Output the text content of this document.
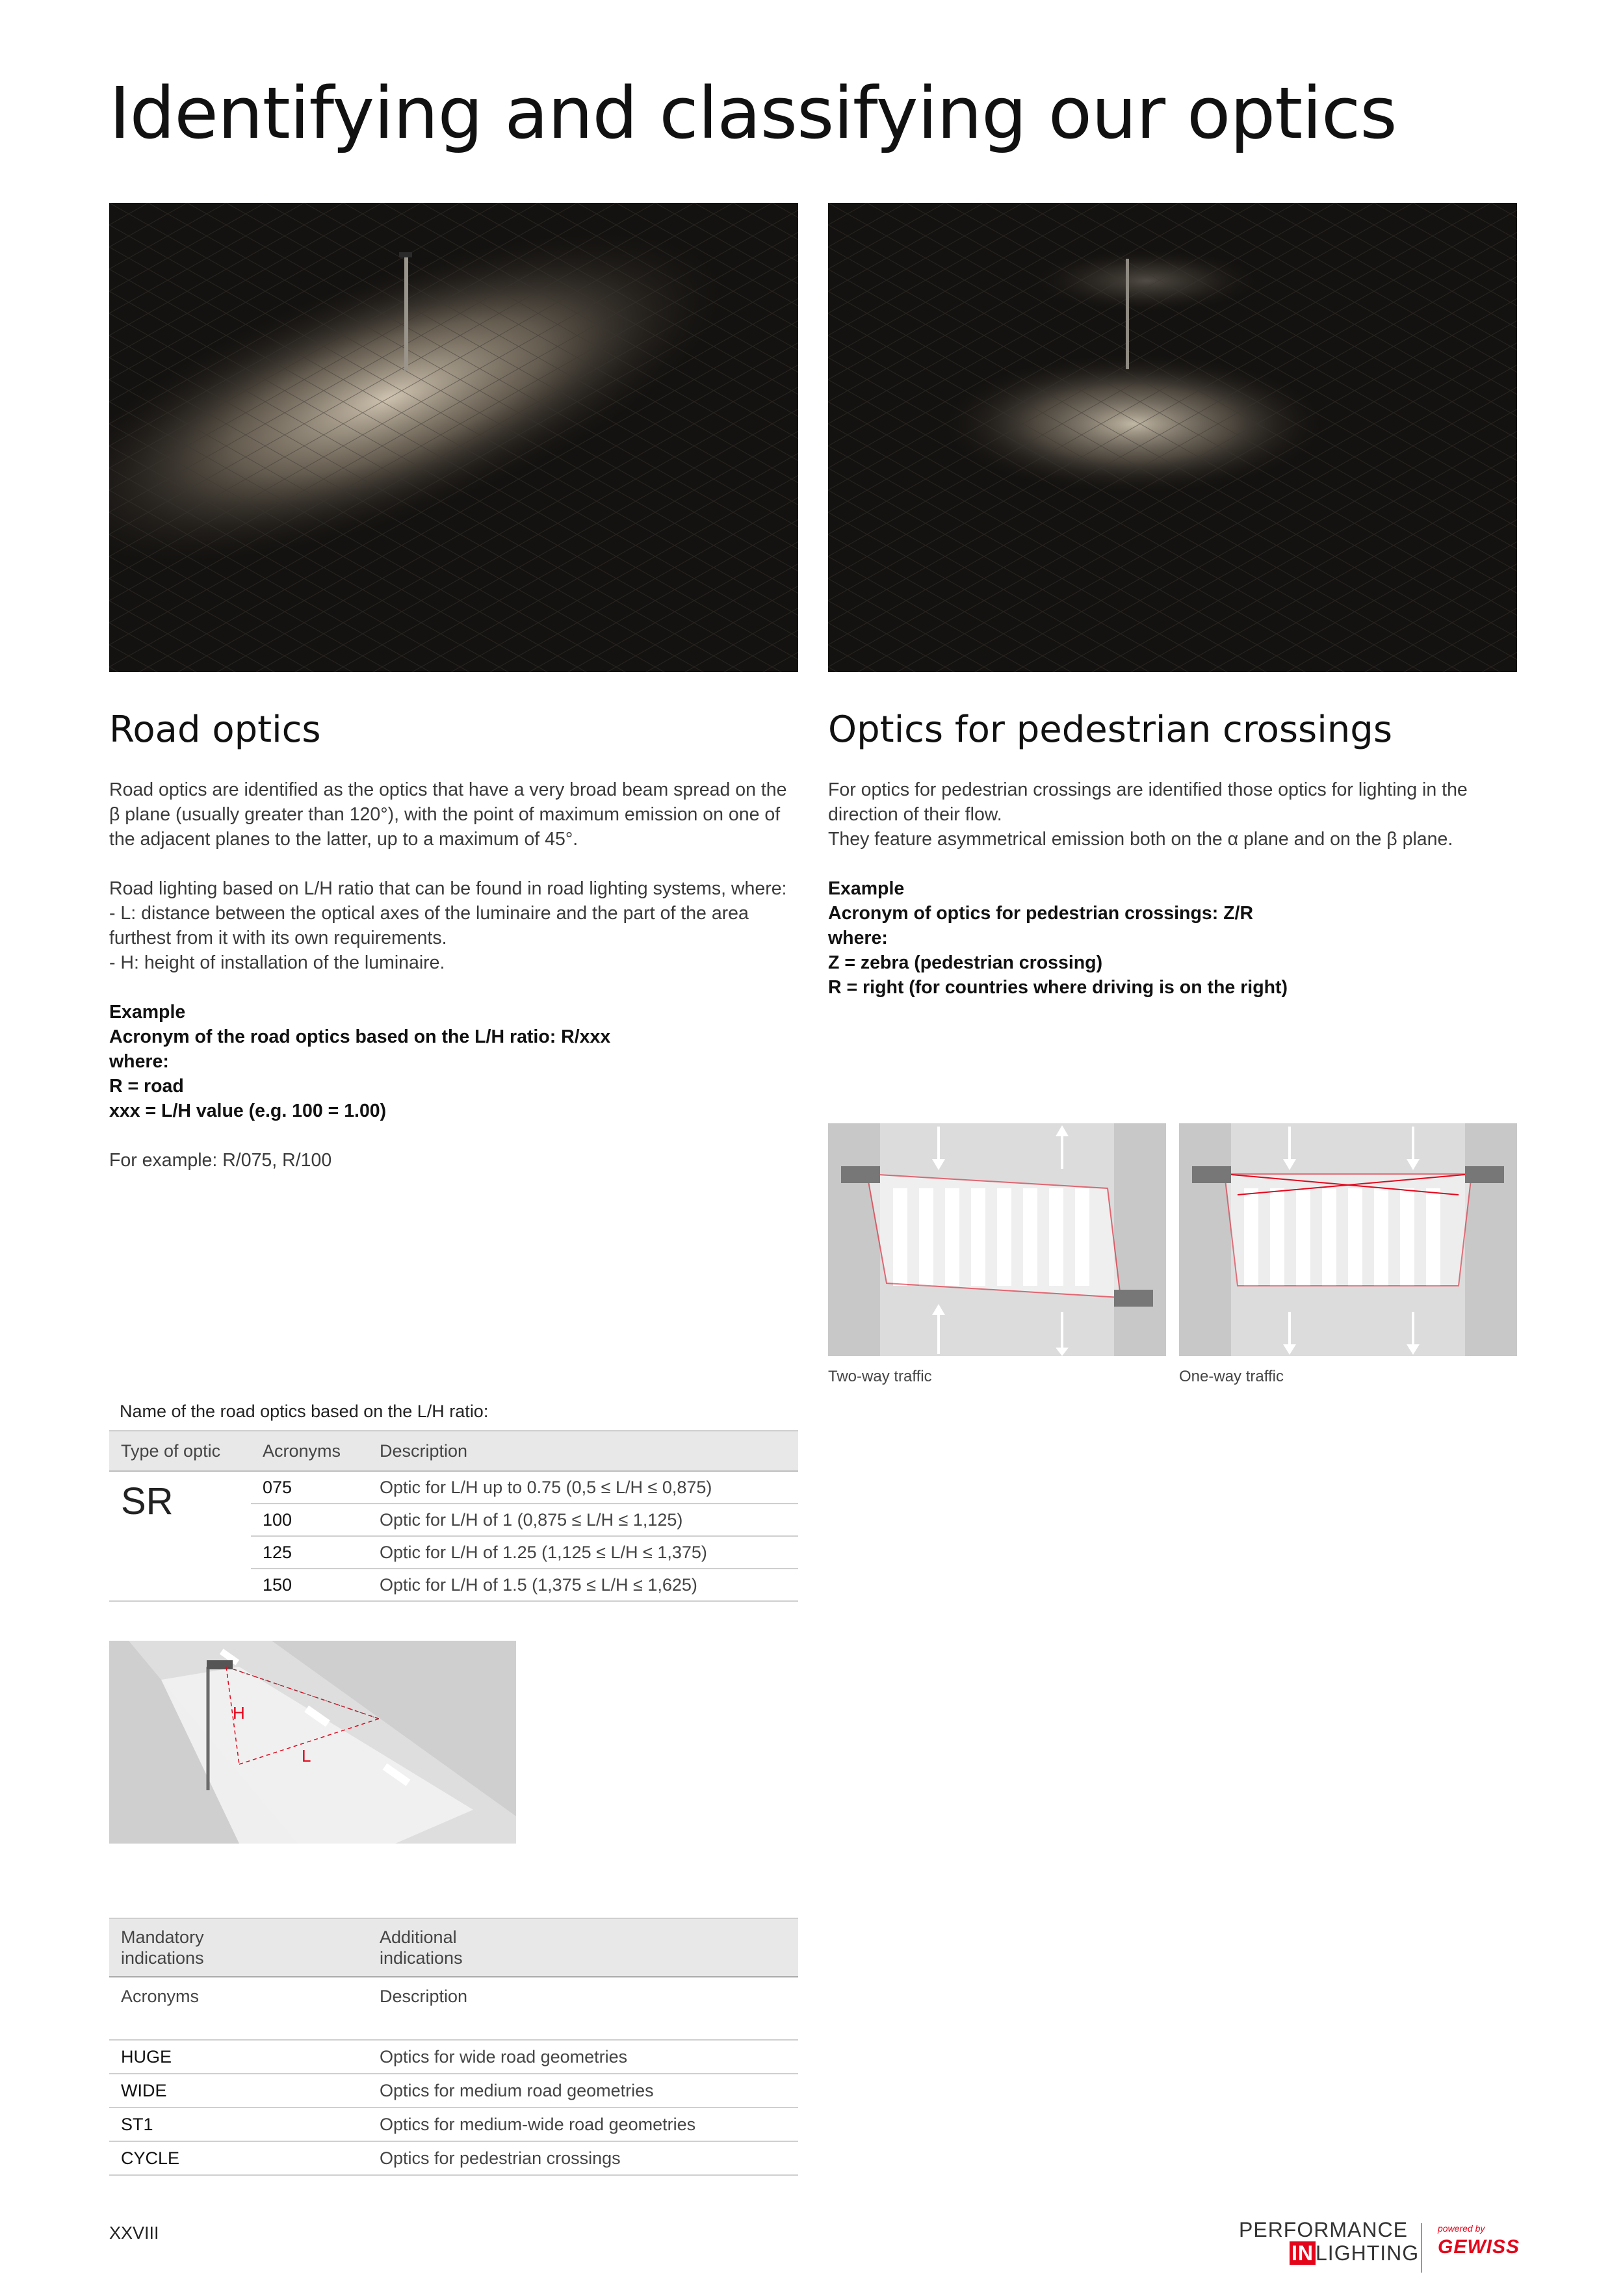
Identifying and classifying our optics
Road optics

Road optics are identified as the optics that have a very broad beam spread on the β plane (usually greater than 120°), with the point of maximum emission on one of the adjacent planes to the latter, up to a maximum of 45°.

Road lighting based on L/H ratio that can be found in road lighting systems, where:

- L: distance between the optical axes of the luminaire and the part of the area furthest from it with its own requirements.

- H: height of installation of the luminaire.

Example

Acronym of the road optics based on the L/H ratio: R/xxx

where:

R = road

xxx = L/H value (e.g. 100 = 1.00)

For example: R/075, R/100

Optics for pedestrian crossings

For optics for pedestrian crossings are identified those optics for lighting in the direction of their flow.

They feature asymmetrical emission both on the α plane and on the β plane.

Example

Acronym of optics for pedestrian crossings: Z/R

where:

Z = zebra (pedestrian crossing)

R = right (for countries where driving is on the right)

Two-way traffic	One-way traffic
Name of the road optics based on the L/H ratio:
Type of optic	Acronyms	Description
SR	075	Optic for L/H up to 0.75 (0,5 ≤ L/H ≤ 0,875)
	100	Optic for L/H of 1 (0,875 ≤ L/H ≤ 1,125)
	125	Optic for L/H of 1.25 (1,125 ≤ L/H ≤ 1,375)
	150	Optic for L/H of 1.5 (1,375 ≤ L/H ≤ 1,625)
H
L
Mandatory indications	Additional indications

Acronyms	Description
HUGE	Optics for wide road geometries
WIDE	Optics for medium road geometries
ST1	Optics for medium-wide road geometries
CYCLE	Optics for pedestrian crossings
XXVIII	PERFORMANCE
INLIGHTING
powered by
GEWISS
